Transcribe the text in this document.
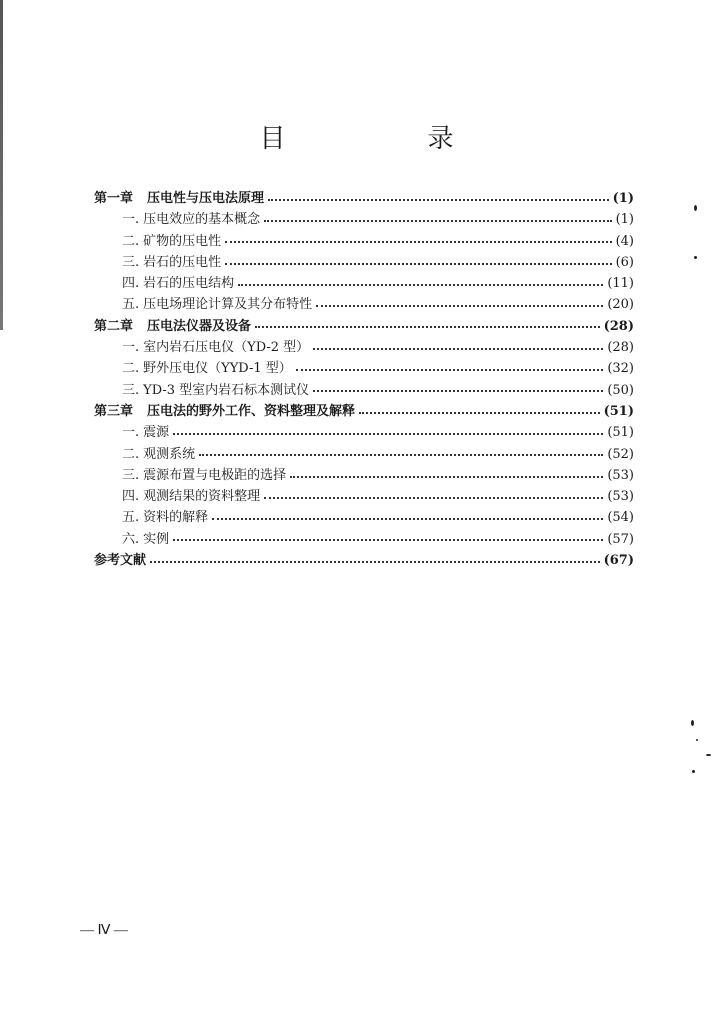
目　录
第一章 压电性与压电法原理	(1)
一. 压电效应的基本概念	(1)
二. 矿物的压电性	(4)
三. 岩石的压电性	(6)
四. 岩石的压电结构	(11)
五. 压电场理论计算及其分布特性	(20)
第二章 压电法仪器及设备	(28)
一. 室内岩石压电仪（YD-2 型）	(28)
二. 野外压电仪（YYD-1 型）	(32)
三. YD-3 型室内岩石标本测试仪	(50)
第三章 压电法的野外工作、资料整理及解释	(51)
一. 震源	(51)
二. 观测系统	(52)
三. 震源布置与电极距的选择	(53)
四. 观测结果的资料整理	(53)
五. 资料的解释	(54)
六. 实例	(57)
参考文献	(67)
— Ⅳ —
